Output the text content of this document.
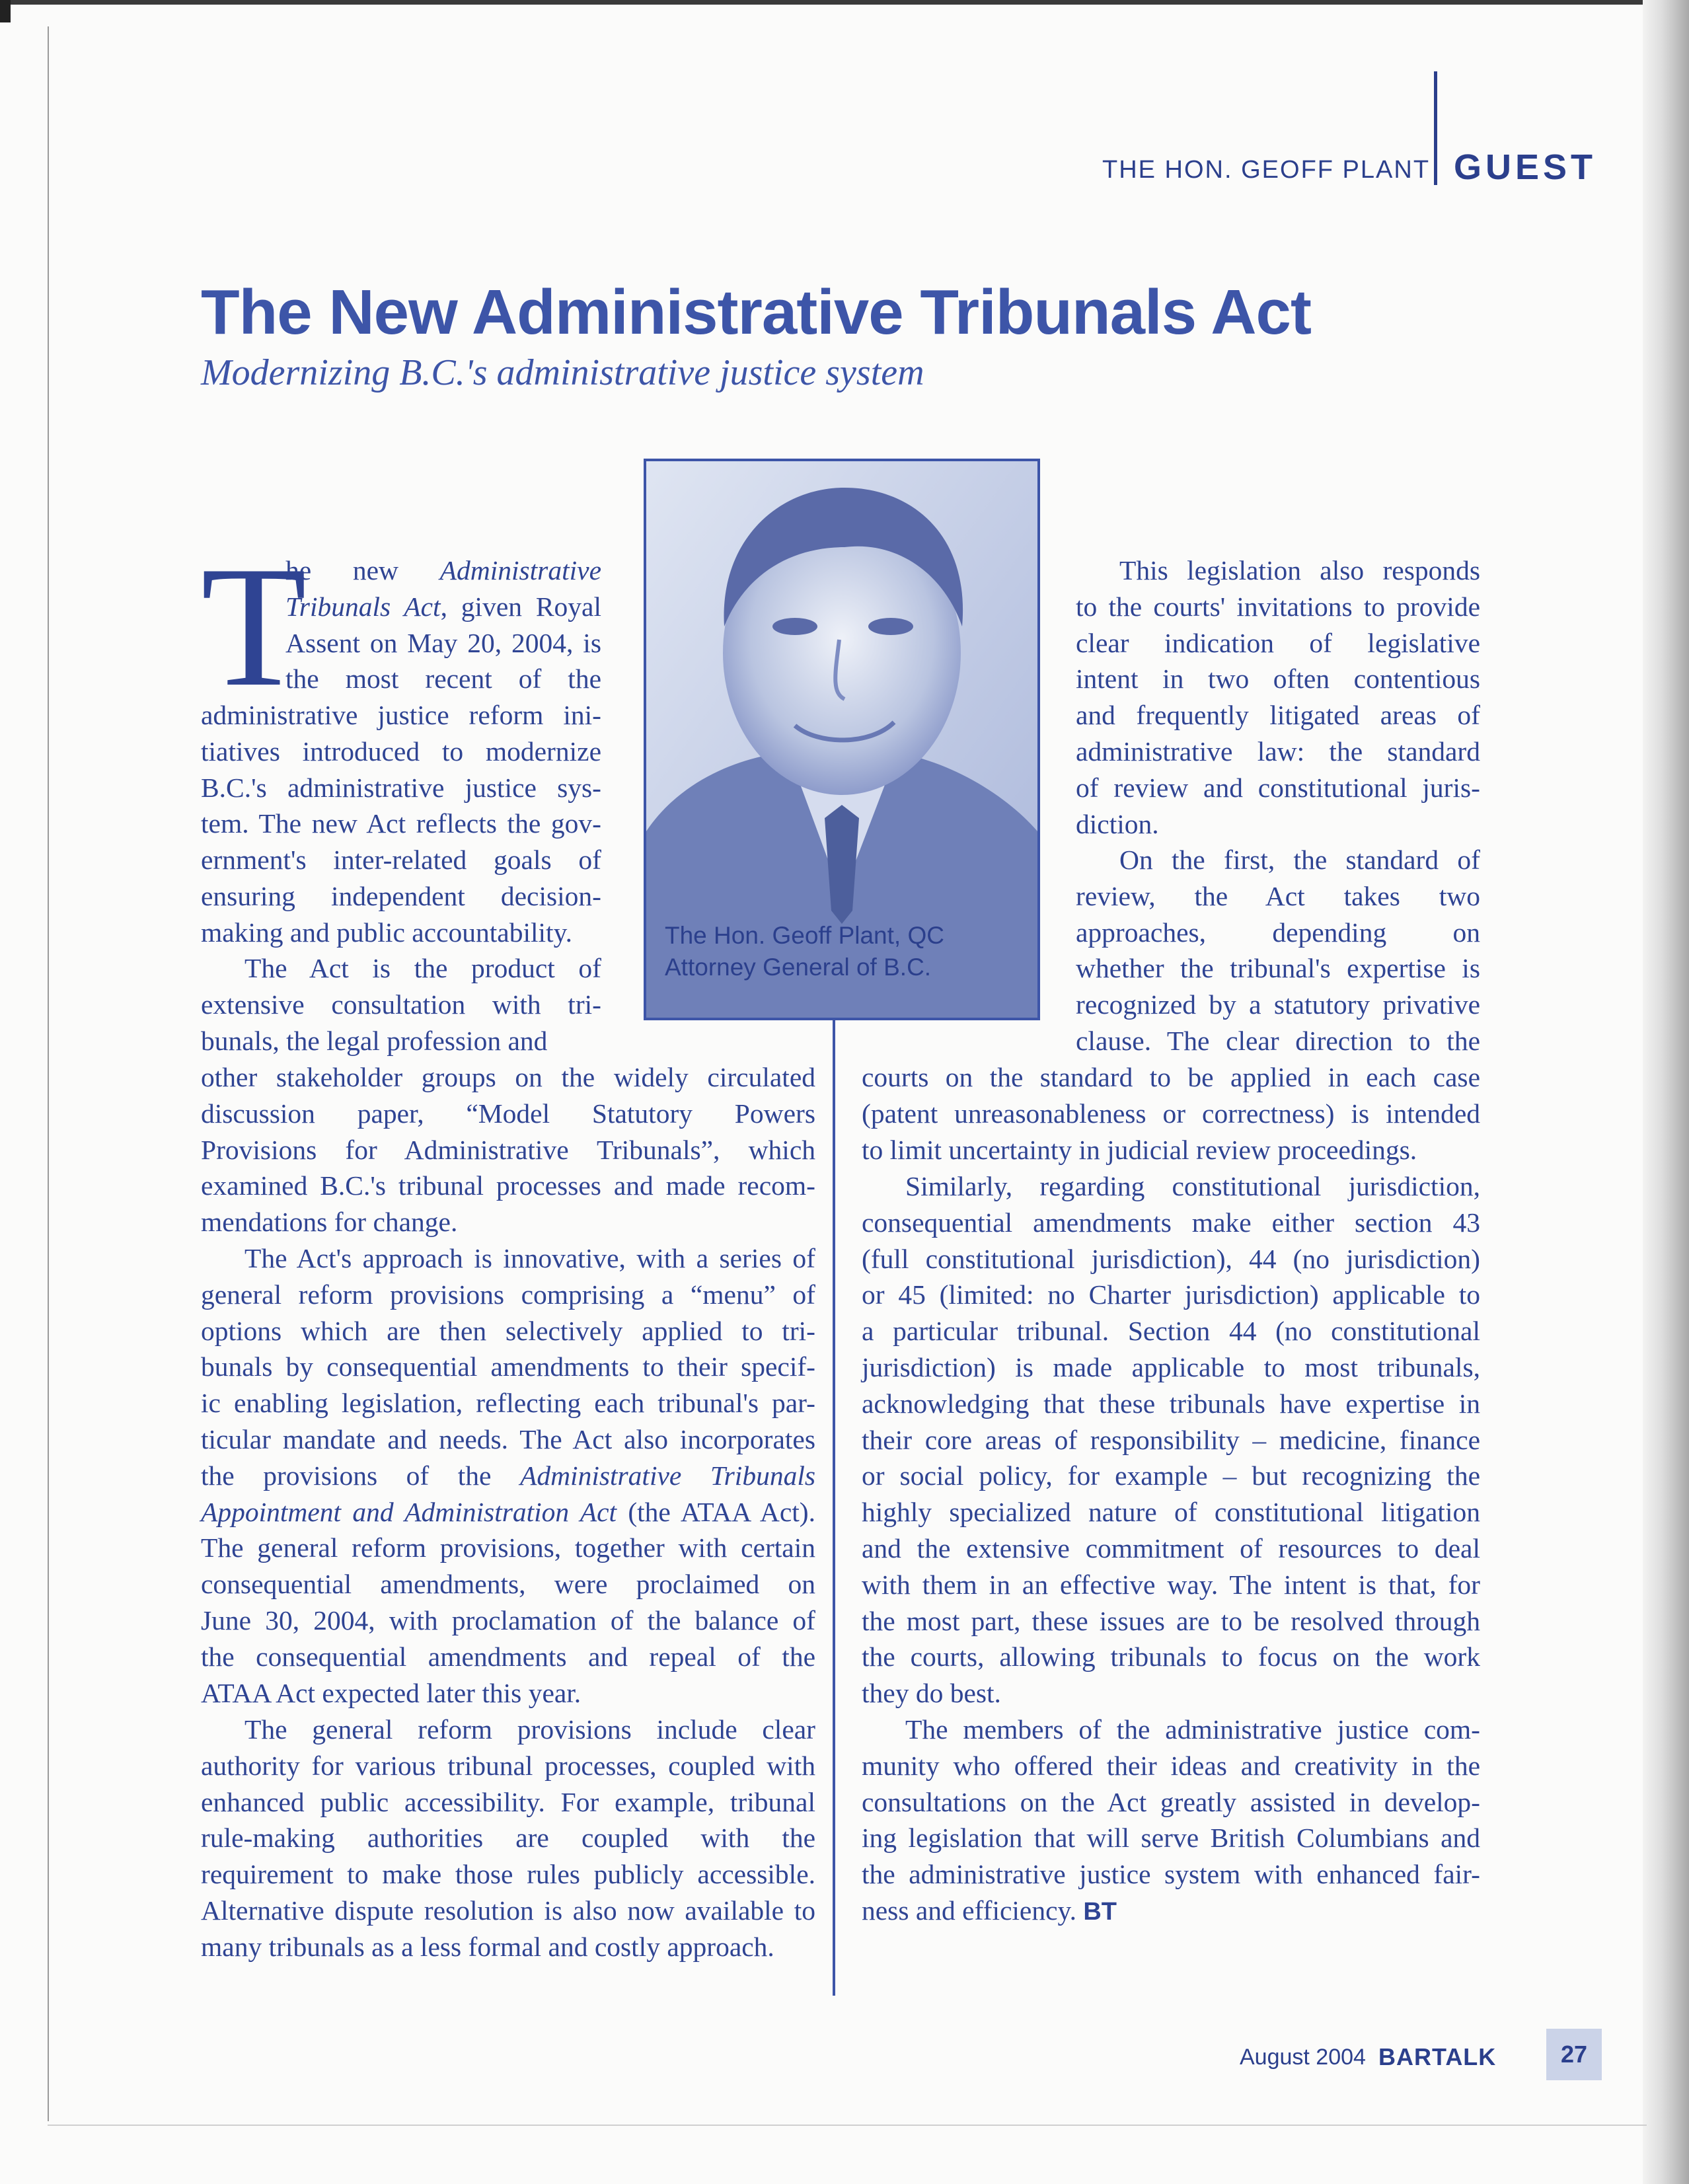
THE HON. GEOFF PLANT GUEST
The New Administrative Tribunals Act
Modernizing B.C.'s administrative justice system
The Hon. Geoff Plant, QC
Attorney General of B.C.
T
he new Administrative
Tribunals Act, given Royal
Assent on May 20, 2004, is
the most recent of the
administrative justice reform ini-
tiatives introduced to modernize
B.C.'s administrative justice sys-
tem. The new Act reflects the gov-
ernment's inter-related goals of
ensuring independent decision-
making and public accountability.
The Act is the product of
extensive consultation with tri-
bunals, the legal profession and
other stakeholder groups on the widely circulated
discussion paper, “Model Statutory Powers
Provisions for Administrative Tribunals”, which
examined B.C.'s tribunal processes and made recom-
mendations for change.
The Act's approach is innovative, with a series of
general reform provisions comprising a “menu” of
options which are then selectively applied to tri-
bunals by consequential amendments to their specif-
ic enabling legislation, reflecting each tribunal's par-
ticular mandate and needs. The Act also incorporates
the provisions of the Administrative Tribunals
Appointment and Administration Act (the ATAA Act).
The general reform provisions, together with certain
consequential amendments, were proclaimed on
June 30, 2004, with proclamation of the balance of
the consequential amendments and repeal of the
ATAA Act expected later this year.
The general reform provisions include clear
authority for various tribunal processes, coupled with
enhanced public accessibility. For example, tribunal
rule-making authorities are coupled with the
requirement to make those rules publicly accessible.
Alternative dispute resolution is also now available to
many tribunals as a less formal and costly approach.
This legislation also responds
to the courts' invitations to provide
clear indication of legislative
intent in two often contentious
and frequently litigated areas of
administrative law: the standard
of review and constitutional juris-
diction.
On the first, the standard of
review, the Act takes two
approaches, depending on
whether the tribunal's expertise is
recognized by a statutory privative
clause. The clear direction to the
courts on the standard to be applied in each case
(patent unreasonableness or correctness) is intended
to limit uncertainty in judicial review proceedings.
Similarly, regarding constitutional jurisdiction,
consequential amendments make either section 43
(full constitutional jurisdiction), 44 (no jurisdiction)
or 45 (limited: no Charter jurisdiction) applicable to
a particular tribunal. Section 44 (no constitutional
jurisdiction) is made applicable to most tribunals,
acknowledging that these tribunals have expertise in
their core areas of responsibility – medicine, finance
or social policy, for example – but recognizing the
highly specialized nature of constitutional litigation
and the extensive commitment of resources to deal
with them in an effective way. The intent is that, for
the most part, these issues are to be resolved through
the courts, allowing tribunals to focus on the work
they do best.
The members of the administrative justice com-
munity who offered their ideas and creativity in the
consultations on the Act greatly assisted in develop-
ing legislation that will serve British Columbians and
the administrative justice system with enhanced fair-
ness and efficiency. BT
August 2004 BARTALK	27
